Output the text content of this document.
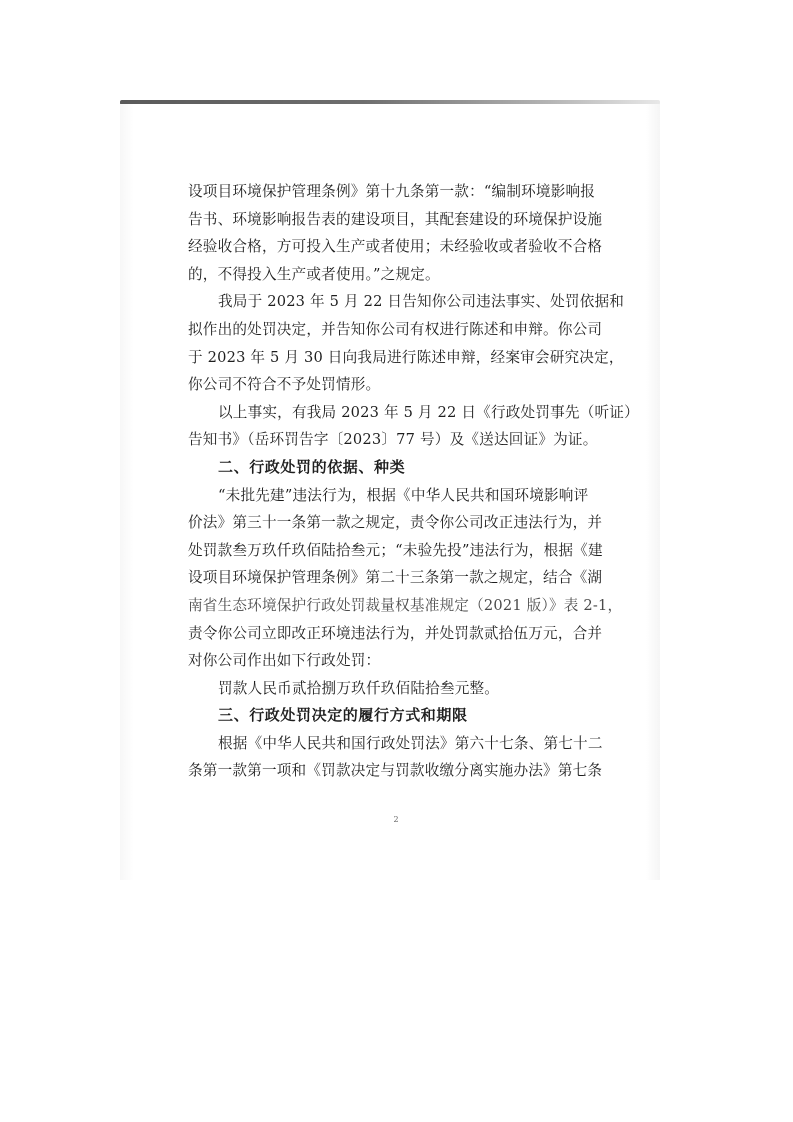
设项目环境保护管理条例》第十九条第一款：“编制环境影响报
告书、环境影响报告表的建设项目，其配套建设的环境保护设施
经验收合格，方可投入生产或者使用；未经验收或者验收不合格
的，不得投入生产或者使用。”之规定。
我局于 2023 年 5 月 22 日告知你公司违法事实、处罚依据和
拟作出的处罚决定，并告知你公司有权进行陈述和申辩。你公司
于 2023 年 5 月 30 日向我局进行陈述申辩，经案审会研究决定，
你公司不符合不予处罚情形。
以上事实，有我局 2023 年 5 月 22 日《行政处罚事先（听证）
告知书》（岳环罚告字〔2023〕77 号）及《送达回证》为证。
二、行政处罚的依据、种类
“未批先建”违法行为，根据《中华人民共和国环境影响评
价法》第三十一条第一款之规定，责令你公司改正违法行为，并
处罚款叁万玖仟玖佰陆拾叁元；“未验先投”违法行为，根据《建
设项目环境保护管理条例》第二十三条第一款之规定，结合《湖
南省生态环境保护行政处罚裁量权基准规定（2021 版）》表 2-1，
责令你公司立即改正环境违法行为，并处罚款贰拾伍万元，合并
对你公司作出如下行政处罚：
罚款人民币贰拾捌万玖仟玖佰陆拾叁元整。
三、行政处罚决定的履行方式和期限
根据《中华人民共和国行政处罚法》第六十七条、第七十二
条第一款第一项和《罚款决定与罚款收缴分离实施办法》第七条
2
